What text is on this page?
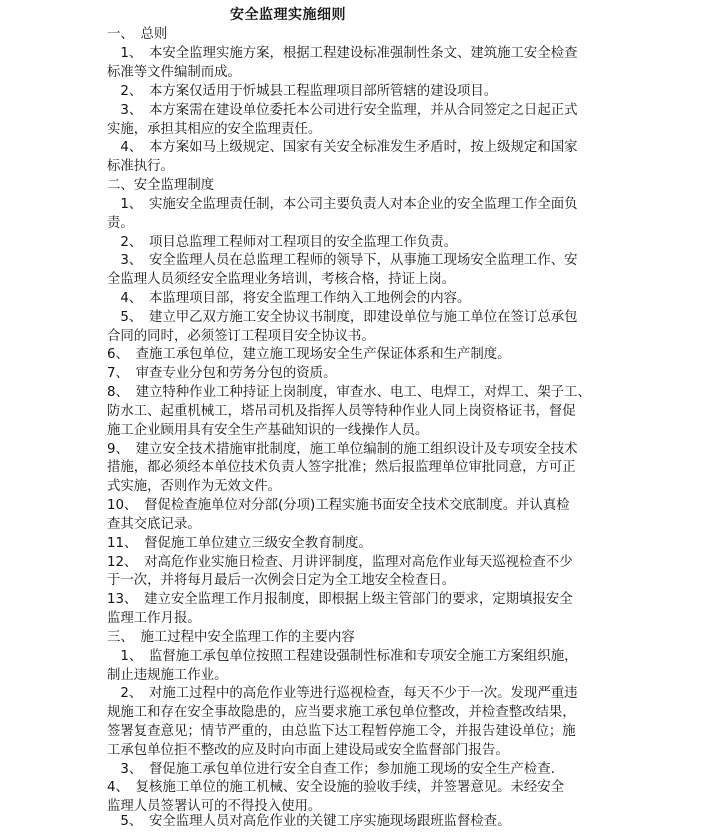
安全监理实施细则
一、　总则
　1、　本安全监理实施方案，根据工程建设标准强制性条文、建筑施工安全检查
标准等文件编制而成。
　2、　本方案仅适用于忻城县工程监理项目部所管辖的建设项目。
　3、　本方案需在建设单位委托本公司进行安全监理，并从合同签定之日起正式
实施，承担其相应的安全监理责任。
　4、　本方案如马上级规定、国家有关安全标准发生矛盾时，按上级规定和国家
标准执行。
二、安全监理制度
　1、　实施安全监理责任制，本公司主要负责人对本企业的安全监理工作全面负
责。
　2、　项目总监理工程师对工程项目的安全监理工作负责。
　3、　安全监理人员在总监理工程师的领导下，从事施工现场安全监理工作、安
全监理人员须经安全监理业务培训，考核合格，持证上岗。
　4、　本监理项目部，将安全监理工作纳入工地例会的内容。
　5、　建立甲乙双方施工安全协议书制度，即建设单位与施工单位在签订总承包
合同的同时，必须签订工程项目安全协议书。
6、　查施工承包单位，建立施工现场安全生产保证体系和生产制度。
7、　审查专业分包和劳务分包的资质。
8、　建立特种作业工种持证上岗制度，审查水、电工、电焊工，对焊工、架子工、
防水工、起重机械工，塔吊司机及指挥人员等特种作业人同上岗资格证书，督促
施工企业顾用具有安全生产基础知识的一线操作人员。
9、　建立安全技术措施审批制度，施工单位编制的施工组织设计及专项安全技术
措施，都必须经本单位技术负责人签字批准；然后报监理单位审批同意，方可正
式实施，否则作为无效文件。
10、　督促检查施单位对分部(分项)工程实施书面安全技术交底制度。并认真检
查其交底记录。
11、　督促施工单位建立三级安全教育制度。
12、　对高危作业实施日检查、月讲评制度，监理对高危作业每天巡视检查不少
于一次，并将每月最后一次例会日定为全工地安全检查日。
13、　建立安全监理工作月报制度，即根据上级主管部门的要求，定期填报安全
监理工作月报。
三、　施工过程中安全监理工作的主要内容
　1、　监督施工承包单位按照工程建设强制性标准和专项安全施工方案组织施，
制止违规施工作业。
　2、　对施工过程中的高危作业等进行巡视检查，每天不少于一次。发现严重违
规施工和存在安全事故隐患的，应当要求施工承包单位整改，并检查整改结果，
签署复查意见；情节严重的，由总监下达工程暂停施工令，并报告建设单位；施
工承包单位拒不整改的应及时向市面上建设局或安全监督部门报告。
　3、　督促施工承包单位进行安全自查工作；参加施工现场的安全生产检查．
4、　复核施工单位的施工机械、安全设施的验收手续，并签署意见。未经安全
监理人员签署认可的不得投入使用。
　5、　安全监理人员对高危作业的关键工序实施现场跟班监督检查。
